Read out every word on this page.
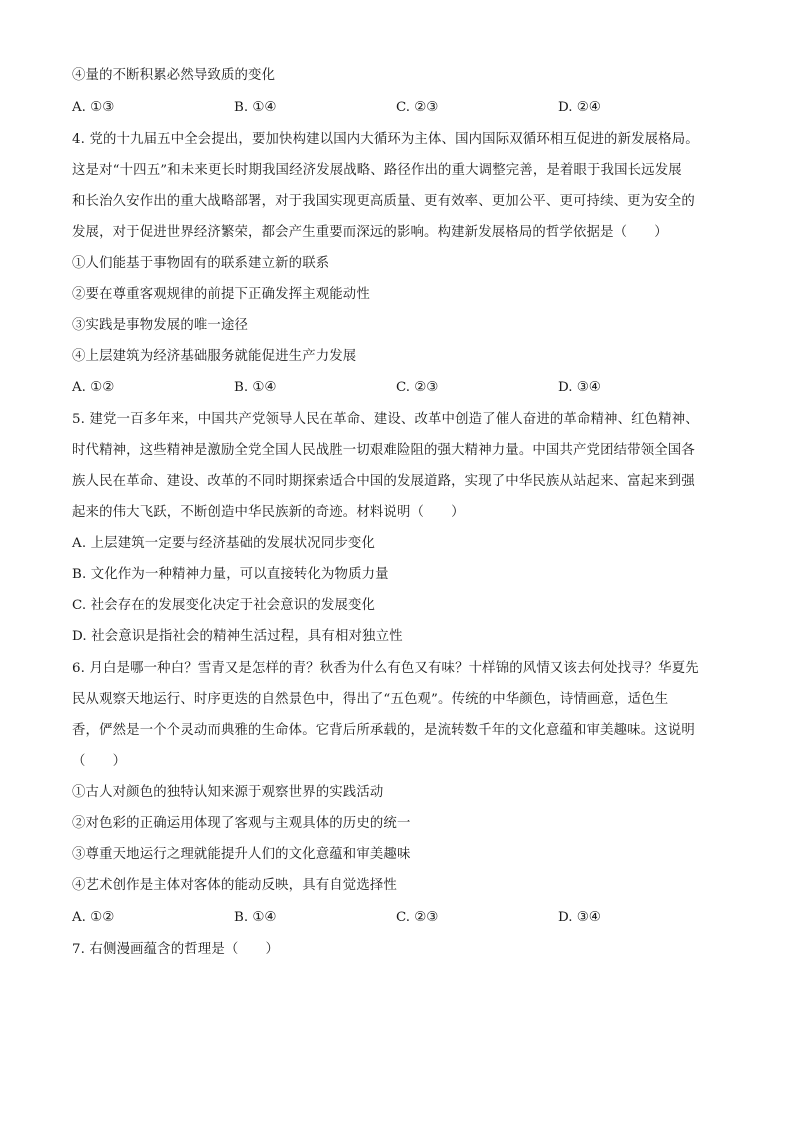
④量的不断积累必然导致质的变化
A. ①③	B. ①④	C. ②③	D. ②④
4. 党的十九届五中全会提出，要加快构建以国内大循环为主体、国内国际双循环相互促进的新发展格局。
这是对“十四五”和未来更长时期我国经济发展战略、路径作出的重大调整完善，是着眼于我国长远发展
和长治久安作出的重大战略部署，对于我国实现更高质量、更有效率、更加公平、更可持续、更为安全的
发展，对于促进世界经济繁荣，都会产生重要而深远的影响。构建新发展格局的哲学依据是（　　）
①人们能基于事物固有的联系建立新的联系
②要在尊重客观规律的前提下正确发挥主观能动性
③实践是事物发展的唯一途径
④上层建筑为经济基础服务就能促进生产力发展
A. ①②	B. ①④	C. ②③	D. ③④
5. 建党一百多年来，中国共产党领导人民在革命、建设、改革中创造了催人奋进的革命精神、红色精神、
时代精神，这些精神是激励全党全国人民战胜一切艰难险阻的强大精神力量。中国共产党团结带领全国各
族人民在革命、建设、改革的不同时期探索适合中国的发展道路，实现了中华民族从站起来、富起来到强
起来的伟大飞跃，不断创造中华民族新的奇迹。材料说明（　　）
A. 上层建筑一定要与经济基础的发展状况同步变化
B. 文化作为一种精神力量，可以直接转化为物质力量
C. 社会存在的发展变化决定于社会意识的发展变化
D. 社会意识是指社会的精神生活过程，具有相对独立性
6. 月白是哪一种白？雪青又是怎样的青？秋香为什么有色又有味？十样锦的风情又该去何处找寻？华夏先
民从观察天地运行、时序更迭的自然景色中，得出了“五色观”。传统的中华颜色，诗情画意，适色生
香，俨然是一个个灵动而典雅的生命体。它背后所承载的，是流转数千年的文化意蕴和审美趣味。这说明
（　　）
①古人对颜色的独特认知来源于观察世界的实践活动
②对色彩的正确运用体现了客观与主观具体的历史的统一
③尊重天地运行之理就能提升人们的文化意蕴和审美趣味
④艺术创作是主体对客体的能动反映，具有自觉选择性
A. ①②	B. ①④	C. ②③	D. ③④
7. 右侧漫画蕴含的哲理是（　　）
